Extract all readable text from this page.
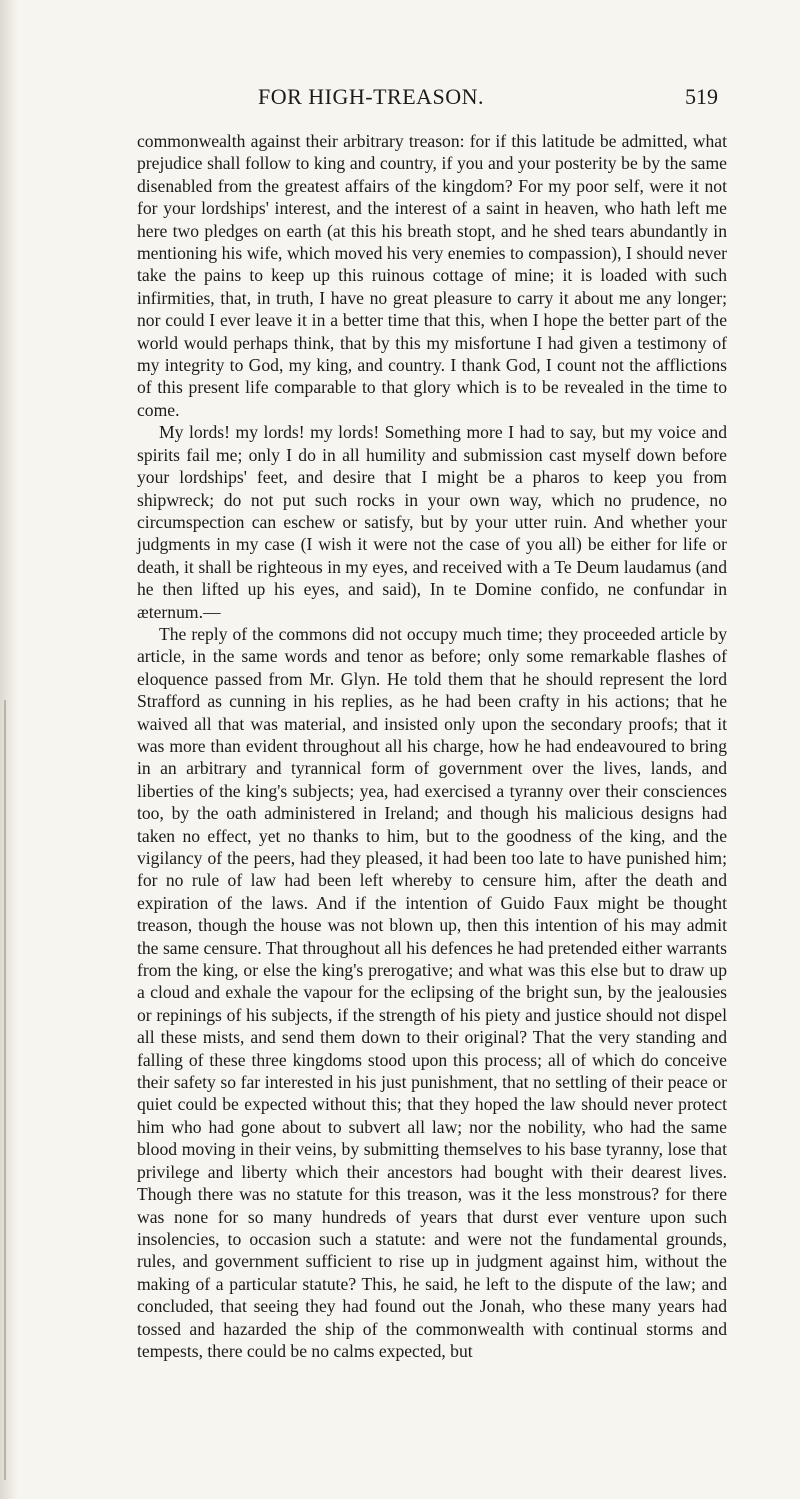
FOR HIGH-TREASON.	519

commonwealth against their arbitrary treason: for if this latitude be admitted, what prejudice shall follow to king and country, if you and your posterity be by the same disenabled from the greatest affairs of the kingdom? For my poor self, were it not for your lordships' interest, and the interest of a saint in heaven, who hath left me here two pledges on earth (at this his breath stopt, and he shed tears abundantly in mentioning his wife, which moved his very enemies to compassion), I should never take the pains to keep up this ruinous cottage of mine; it is loaded with such infirmities, that, in truth, I have no great pleasure to carry it about me any longer; nor could I ever leave it in a better time that this, when I hope the better part of the world would perhaps think, that by this my misfortune I had given a testimony of my integrity to God, my king, and country. I thank God, I count not the afflictions of this present life comparable to that glory which is to be revealed in the time to come.

My lords! my lords! my lords! Something more I had to say, but my voice and spirits fail me; only I do in all humility and submission cast myself down before your lordships' feet, and desire that I might be a pharos to keep you from shipwreck; do not put such rocks in your own way, which no prudence, no circumspection can eschew or satisfy, but by your utter ruin. And whether your judgments in my case (I wish it were not the case of you all) be either for life or death, it shall be righteous in my eyes, and received with a Te Deum laudamus (and he then lifted up his eyes, and said), In te Domine confido, ne confundar in æternum.—

The reply of the commons did not occupy much time; they proceeded article by article, in the same words and tenor as before; only some remarkable flashes of eloquence passed from Mr. Glyn. He told them that he should represent the lord Strafford as cunning in his replies, as he had been crafty in his actions; that he waived all that was material, and insisted only upon the secondary proofs; that it was more than evident throughout all his charge, how he had endeavoured to bring in an arbitrary and tyrannical form of government over the lives, lands, and liberties of the king's subjects; yea, had exercised a tyranny over their consciences too, by the oath administered in Ireland; and though his malicious designs had taken no effect, yet no thanks to him, but to the goodness of the king, and the vigilancy of the peers, had they pleased, it had been too late to have punished him; for no rule of law had been left whereby to censure him, after the death and expiration of the laws. And if the intention of Guido Faux might be thought treason, though the house was not blown up, then this intention of his may admit the same censure. That throughout all his defences he had pretended either warrants from the king, or else the king's prerogative; and what was this else but to draw up a cloud and exhale the vapour for the eclipsing of the bright sun, by the jealousies or repinings of his subjects, if the strength of his piety and justice should not dispel all these mists, and send them down to their original? That the very standing and falling of these three kingdoms stood upon this process; all of which do conceive their safety so far interested in his just punishment, that no settling of their peace or quiet could be expected without this; that they hoped the law should never protect him who had gone about to subvert all law; nor the nobility, who had the same blood moving in their veins, by submitting themselves to his base tyranny, lose that privilege and liberty which their ancestors had bought with their dearest lives. Though there was no statute for this treason, was it the less monstrous? for there was none for so many hundreds of years that durst ever venture upon such insolencies, to occasion such a statute: and were not the fundamental grounds, rules, and government sufficient to rise up in judgment against him, without the making of a particular statute? This, he said, he left to the dispute of the law; and concluded, that seeing they had found out the Jonah, who these many years had tossed and hazarded the ship of the commonwealth with continual storms and tempests, there could be no calms expected, but
